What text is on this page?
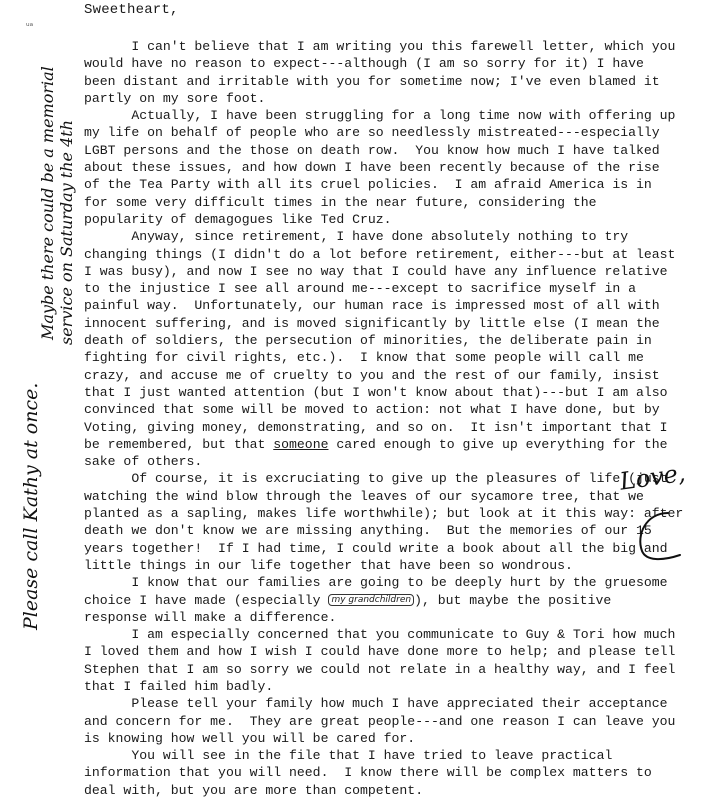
ᵘᵃ
Sweetheart,
I can't believe that I am writing you this farewell letter, which you
would have no reason to expect---although (I am so sorry for it) I have
been distant and irritable with you for sometime now; I've even blamed it
partly on my sore foot.
Actually, I have been struggling for a long time now with offering up
my life on behalf of people who are so needlessly mistreated---especially
LGBT persons and the those on death row.  You know how much I have talked
about these issues, and how down I have been recently because of the rise
of the Tea Party with all its cruel policies.  I am afraid America is in
for some very difficult times in the near future, considering the
popularity of demagogues like Ted Cruz.
Anyway, since retirement, I have done absolutely nothing to try
changing things (I didn't do a lot before retirement, either---but at least
I was busy), and now I see no way that I could have any influence relative
to the injustice I see all around me---except to sacrifice myself in a
painful way.  Unfortunately, our human race is impressed most of all with
innocent suffering, and is moved significantly by little else (I mean the
death of soldiers, the persecution of minorities, the deliberate pain in
fighting for civil rights, etc.).  I know that some people will call me
crazy, and accuse me of cruelty to you and the rest of our family, insist
that I just wanted attention (but I won't know about that)---but I am also
convinced that some will be moved to action: not what I have done, but by
Voting, giving money, demonstrating, and so on.  It isn't important that I
be remembered, but that someone cared enough to give up everything for the
sake of others.
Of course, it is excruciating to give up the pleasures of life (just
watching the wind blow through the leaves of our sycamore tree, that we
planted as a sapling, makes life worthwhile); but look at it this way: after
death we don't know we are missing anything.  But the memories of our 15
years together!  If I had time, I could write a book about all the big and
little things in our life together that have been so wondrous.
I know that our families are going to be deeply hurt by the gruesome
choice I have made (especially my grandchildren ), but maybe the positive
response will make a difference.
I am especially concerned that you communicate to Guy & Tori how much
I loved them and how I wish I could have done more to help; and please tell
Stephen that I am so sorry we could not relate in a healthy way, and I feel
that I failed him badly.
Please tell your family how much I have appreciated their acceptance
and concern for me.  They are great people---and one reason I can leave you
is knowing how well you will be cared for.
You will see in the file that I have tried to leave practical
information that you will need.  I know there will be complex matters to
deal with, but you are more than competent.
Please call Kathy at once.
Maybe there could be a memorial service on Saturday the 4th
Love,
